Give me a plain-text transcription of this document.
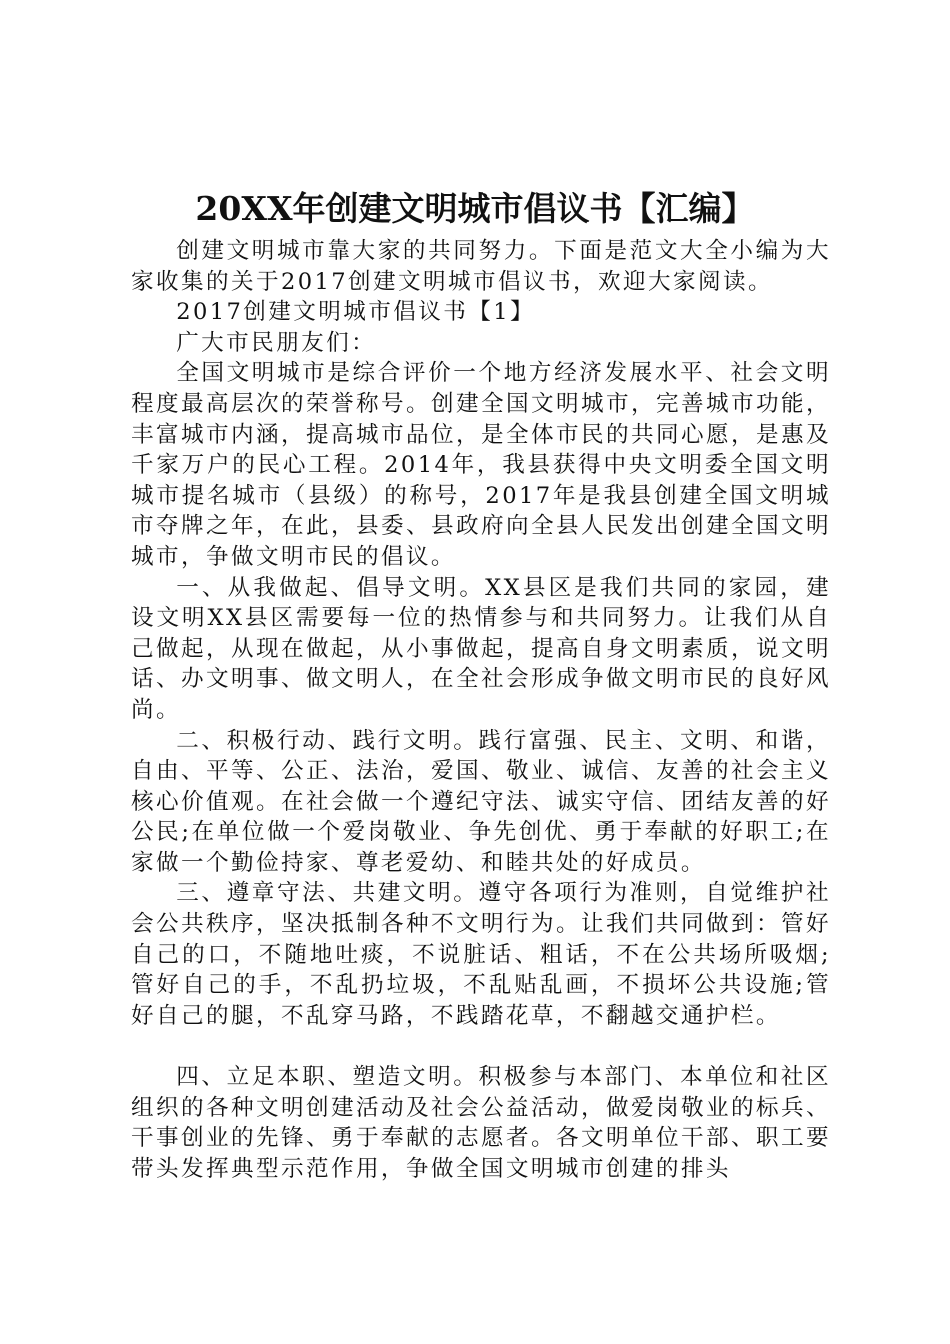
20XX年创建文明城市倡议书【汇编】

创建文明城市靠大家的共同努力。下面是范文大全小编为大家收集的关于2017创建文明城市倡议书，欢迎大家阅读。

2017创建文明城市倡议书【1】

广大市民朋友们：

全国文明城市是综合评价一个地方经济发展水平、社会文明程度最高层次的荣誉称号。创建全国文明城市，完善城市功能，丰富城市内涵，提高城市品位，是全体市民的共同心愿，是惠及千家万户的民心工程。2014年，我县获得中央文明委全国文明城市提名城市（县级）的称号，2017年是我县创建全国文明城市夺牌之年，在此，县委、县政府向全县人民发出创建全国文明城市，争做文明市民的倡议。

一、从我做起、倡导文明。XX县区是我们共同的家园，建设文明XX县区需要每一位的热情参与和共同努力。让我们从自己做起，从现在做起，从小事做起，提高自身文明素质，说文明话、办文明事、做文明人，在全社会形成争做文明市民的良好风尚。

二、积极行动、践行文明。践行富强、民主、文明、和谐，自由、平等、公正、法治，爱国、敬业、诚信、友善的社会主义核心价值观。在社会做一个遵纪守法、诚实守信、团结友善的好公民;在单位做一个爱岗敬业、争先创优、勇于奉献的好职工;在家做一个勤俭持家、尊老爱幼、和睦共处的好成员。

三、遵章守法、共建文明。遵守各项行为准则，自觉维护社会公共秩序，坚决抵制各种不文明行为。让我们共同做到：管好自己的口，不随地吐痰，不说脏话、粗话，不在公共场所吸烟;管好自己的手，不乱扔垃圾，不乱贴乱画，不损坏公共设施;管好自己的腿，不乱穿马路，不践踏花草，不翻越交通护栏。

四、立足本职、塑造文明。积极参与本部门、本单位和社区组织的各种文明创建活动及社会公益活动，做爱岗敬业的标兵、干事创业的先锋、勇于奉献的志愿者。各文明单位干部、职工要带头发挥典型示范作用，争做全国文明城市创建的排头
